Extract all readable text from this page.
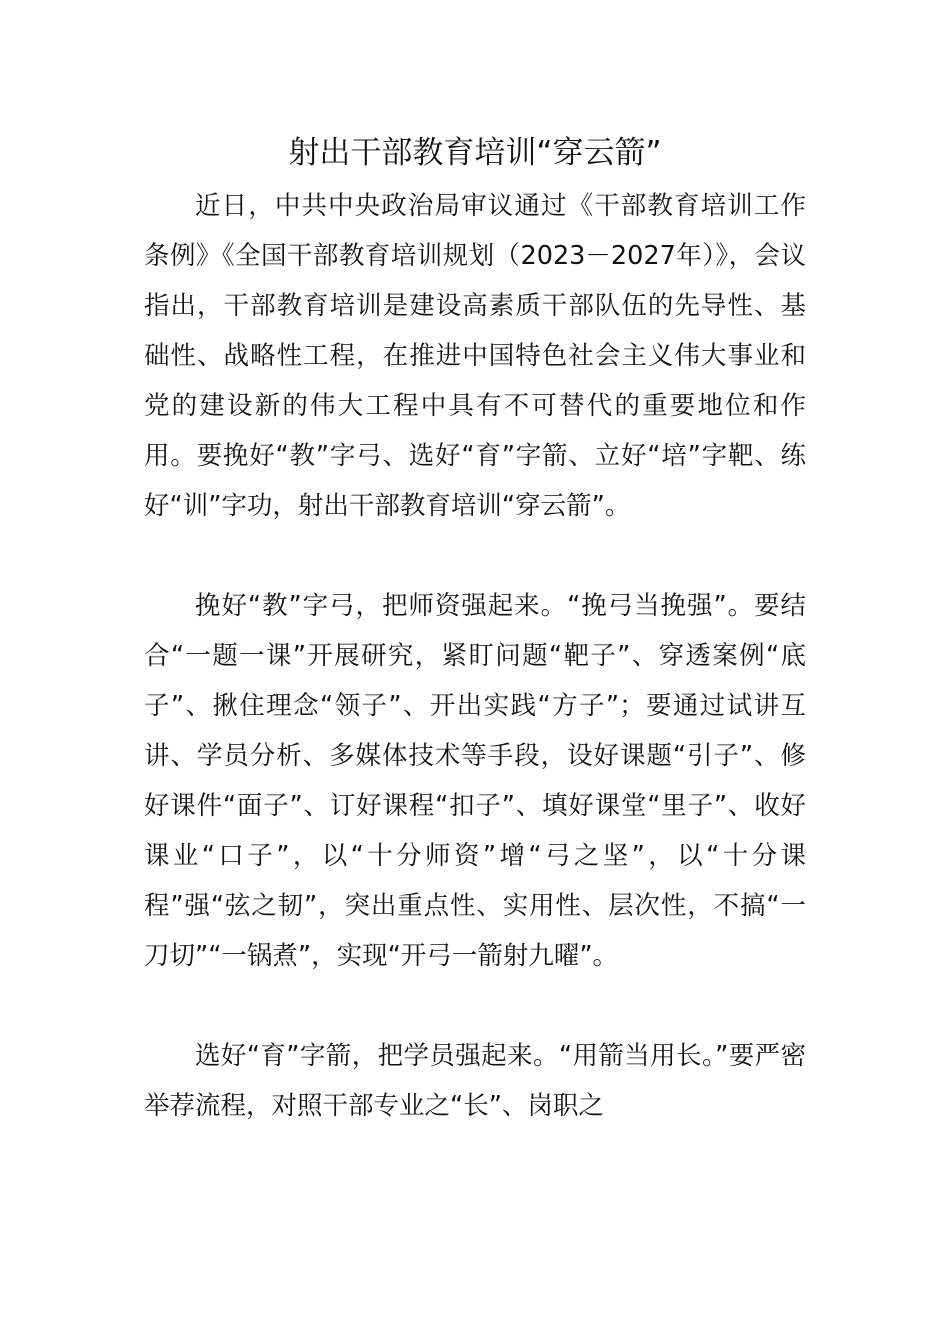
射出干部教育培训“穿云箭”

近日，中共中央政治局审议通过《干部教育培训工作条例》《全国干部教育培训规划（2023－2027年）》，会议指出，干部教育培训是建设高素质干部队伍的先导性、基础性、战略性工程，在推进中国特色社会主义伟大事业和党的建设新的伟大工程中具有不可替代的重要地位和作用。要挽好“教”字弓、选好“育”字箭、立好“培”字靶、练好“训”字功，射出干部教育培训“穿云箭”。

挽好“教”字弓，把师资强起来。“挽弓当挽强”。要结合“一题一课”开展研究，紧盯问题“靶子”、穿透案例“底子”、揪住理念“领子”、开出实践“方子”；要通过试讲互讲、学员分析、多媒体技术等手段，设好课题“引子”、修好课件“面子”、订好课程“扣子”、填好课堂“里子”、收好课业“口子”，以“十分师资”增“弓之坚”，以“十分课程”强“弦之韧”，突出重点性、实用性、层次性，不搞“一刀切”“一锅煮”，实现“开弓一箭射九曜”。

选好“育”字箭，把学员强起来。“用箭当用长。”要严密举荐流程，对照干部专业之“长”、岗职之
